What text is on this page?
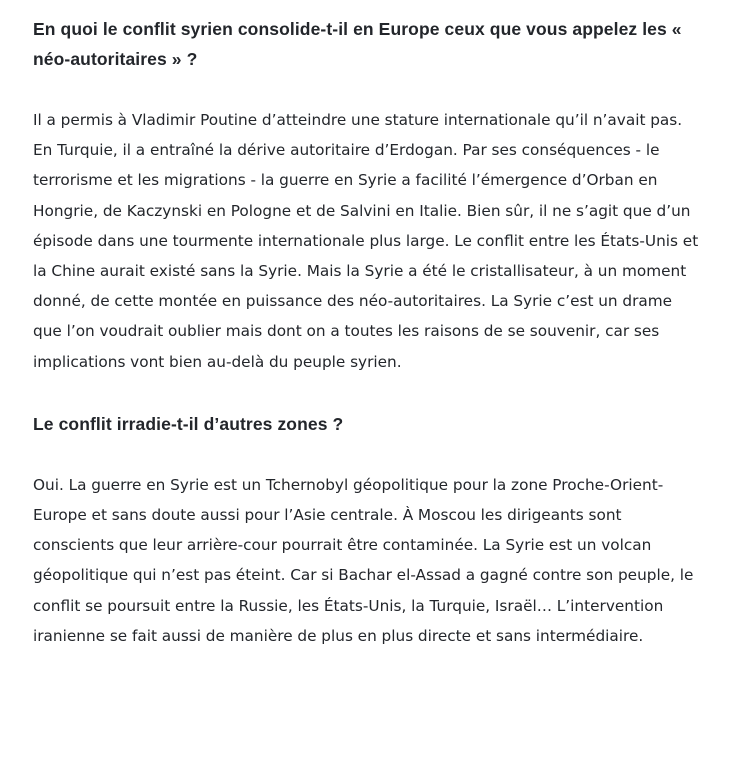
En quoi le conflit syrien consolide-t-il en Europe ceux que vous appelez les « néo-autoritaires » ?

Il a permis à Vladimir Poutine d’atteindre une stature internationale qu’il n’avait pas. En Turquie, il a entraîné la dérive autoritaire d’Erdogan. Par ses conséquences - le terrorisme et les migrations - la guerre en Syrie a facilité l’émergence d’Orban en Hongrie, de Kaczynski en Pologne et de Salvini en Italie. Bien sûr, il ne s’agit que d’un épisode dans une tourmente internationale plus large. Le conflit entre les États-Unis et la Chine aurait existé sans la Syrie. Mais la Syrie a été le cristallisateur, à un moment donné, de cette montée en puissance des néo-autoritaires. La Syrie c’est un drame que l’on voudrait oublier mais dont on a toutes les raisons de se souvenir, car ses implications vont bien au-delà du peuple syrien.

Le conflit irradie-t-il d’autres zones ?

Oui. La guerre en Syrie est un Tchernobyl géopolitique pour la zone Proche-Orient-Europe et sans doute aussi pour l’Asie centrale. À Moscou les dirigeants sont conscients que leur arrière-cour pourrait être contaminée. La Syrie est un volcan géopolitique qui n’est pas éteint. Car si Bachar el-Assad a gagné contre son peuple, le conflit se poursuit entre la Russie, les États-Unis, la Turquie, Israël… L’intervention iranienne se fait aussi de manière de plus en plus directe et sans intermédiaire.
